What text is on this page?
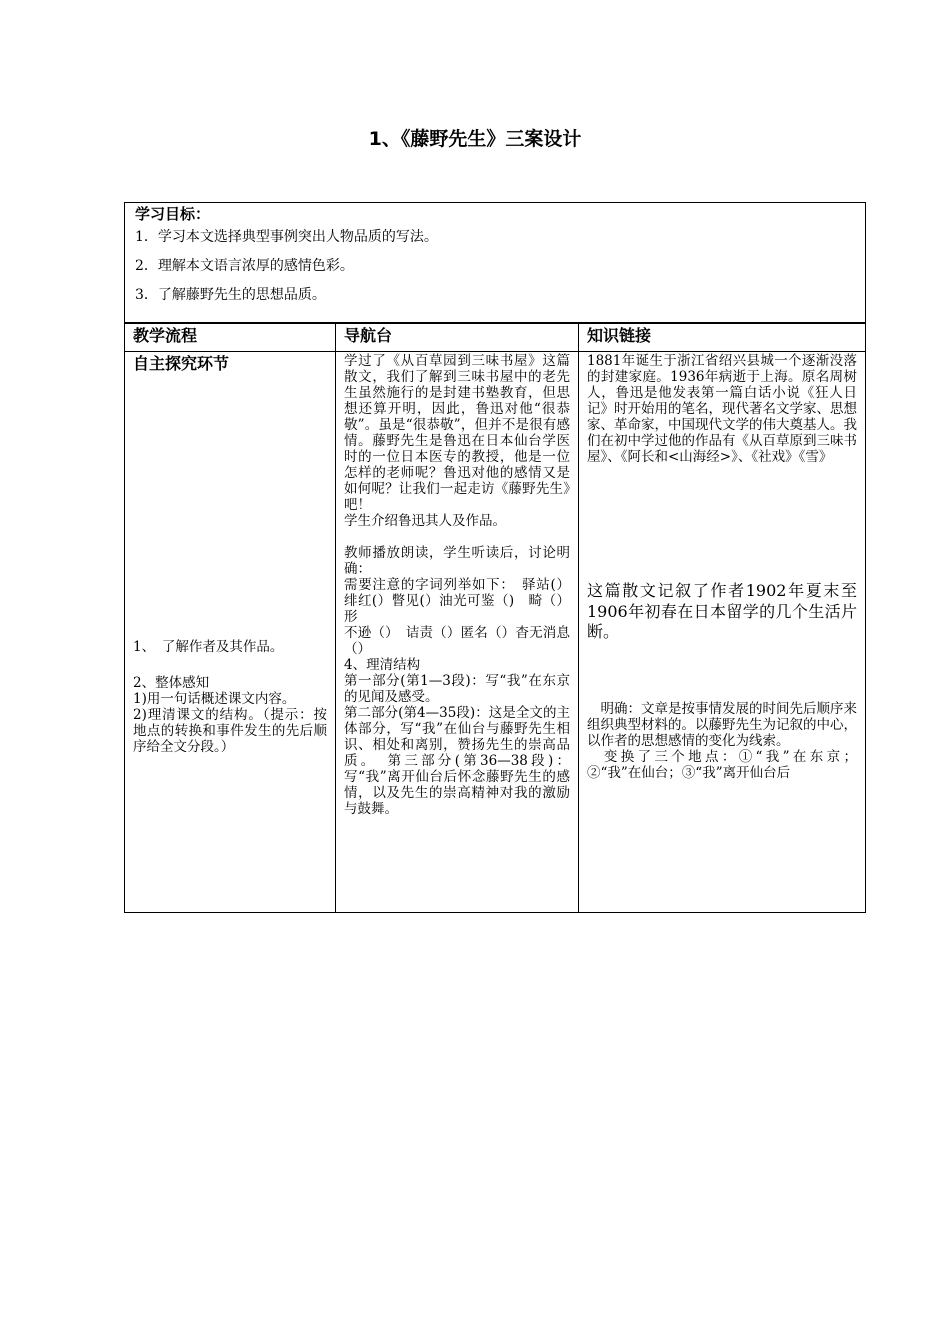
1、《藤野先生》三案设计
学习目标：
1．学习本文选择典型事例突出人物品质的写法。
2．理解本文语言浓厚的感情色彩。
3．了解藤野先生的思想品质。
教学流程
自主探究环节

1、　了解作者及其作品。

2、整体感知

1)用一句话概述课文内容。

2)理清课文的结构。（提示：按地点的转换和事件发生的先后顺序给全文分段。）

导航台

学过了《从百草园到三味书屋》这篇散文，我们了解到三味书屋中的老先生虽然施行的是封建书塾教育，但思想还算开明，因此，鲁迅对他“很恭敬”。虽是“很恭敬”，但并不是很有感情。藤野先生是鲁迅在日本仙台学医时的一位日本医专的教授，他是一位怎样的老师呢？鲁迅对他的感情又是如何呢？让我们一起走访《藤野先生》吧！

学生介绍鲁迅其人及作品。

教师播放朗读，学生听读后，讨论明确：

需要注意的字词列举如下：　驿站(）绯红(）瞥见(）油光可鉴（)　畸（）形

不逊（）　诘责（）匿名（）杳无消息（）

4、理清结构

第一部分(第1—3段)：写“我”在东京的见闻及感受。

第二部分(第4—35段)：这是全文的主体部分，写“我”在仙台与藤野先生相识、相处和离别，赞扬先生的崇高品质。　第三部分(第36—38段)：写“我”离开仙台后怀念藤野先生的感情，以及先生的崇高精神对我的激励与鼓舞。

知识链接

1881年诞生于浙江省绍兴县城一个逐渐没落的封建家庭。1936年病逝于上海。原名周树人，鲁迅是他发表第一篇白话小说《狂人日记》时开始用的笔名，现代著名文学家、思想家、革命家，中国现代文学的伟大奠基人。我们在初中学过他的作品有《从百草原到三味书屋》、《阿长和<山海经>》、《社戏》《雪》

这篇散文记叙了作者1902年夏末至1906年初春在日本留学的几个生活片断。

　明确：文章是按事情发展的时间先后顺序来组织典型材料的。以藤野先生为记叙的中心，以作者的思想感情的变化为线索。

　变换了三个地点：①“我”在东京；②“我”在仙台；③“我”离开仙台后
